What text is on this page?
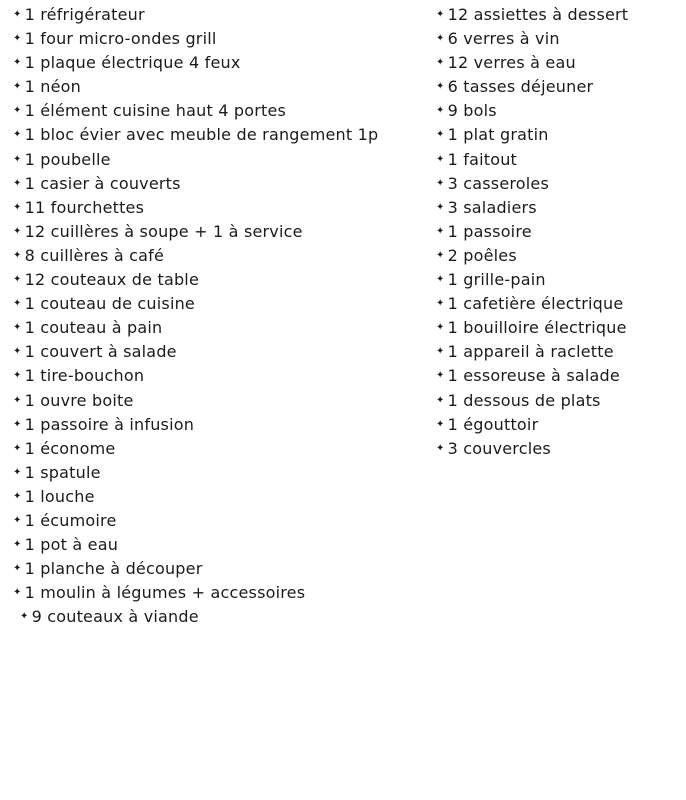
✦ 1 réfrigérateur
✦ 1 four micro-ondes grill
✦ 1 plaque électrique 4 feux
✦ 1 néon
✦ 1 élément cuisine haut 4 portes
✦ 1 bloc évier avec meuble de rangement 1p
✦ 1 poubelle
✦ 1 casier à couverts
✦ 11 fourchettes
✦ 12 cuillères à soupe + 1 à service
✦ 8 cuillères à café
✦ 12 couteaux de table
✦ 1 couteau de cuisine
✦ 1 couteau à pain
✦ 1 couvert à salade
✦ 1 tire-bouchon
✦ 1 ouvre boite
✦ 1 passoire à infusion
✦ 1 économe
✦ 1 spatule
✦ 1 louche
✦ 1 écumoire
✦ 1 pot à eau
✦ 1 planche à découper
✦ 1 moulin à légumes + accessoires
✦ 9 couteaux à viande
✦ 12 assiettes à dessert
✦ 6 verres à vin
✦ 12 verres à eau
✦ 6 tasses déjeuner
✦ 9 bols
✦ 1 plat gratin
✦ 1 faitout
✦ 3 casseroles
✦ 3 saladiers
✦ 1 passoire
✦ 2 poêles
✦ 1 grille-pain
✦ 1 cafetière électrique
✦ 1 bouilloire électrique
✦ 1 appareil à raclette
✦ 1 essoreuse à salade
✦ 1 dessous de plats
✦ 1 égouttoir
✦ 3 couvercles
